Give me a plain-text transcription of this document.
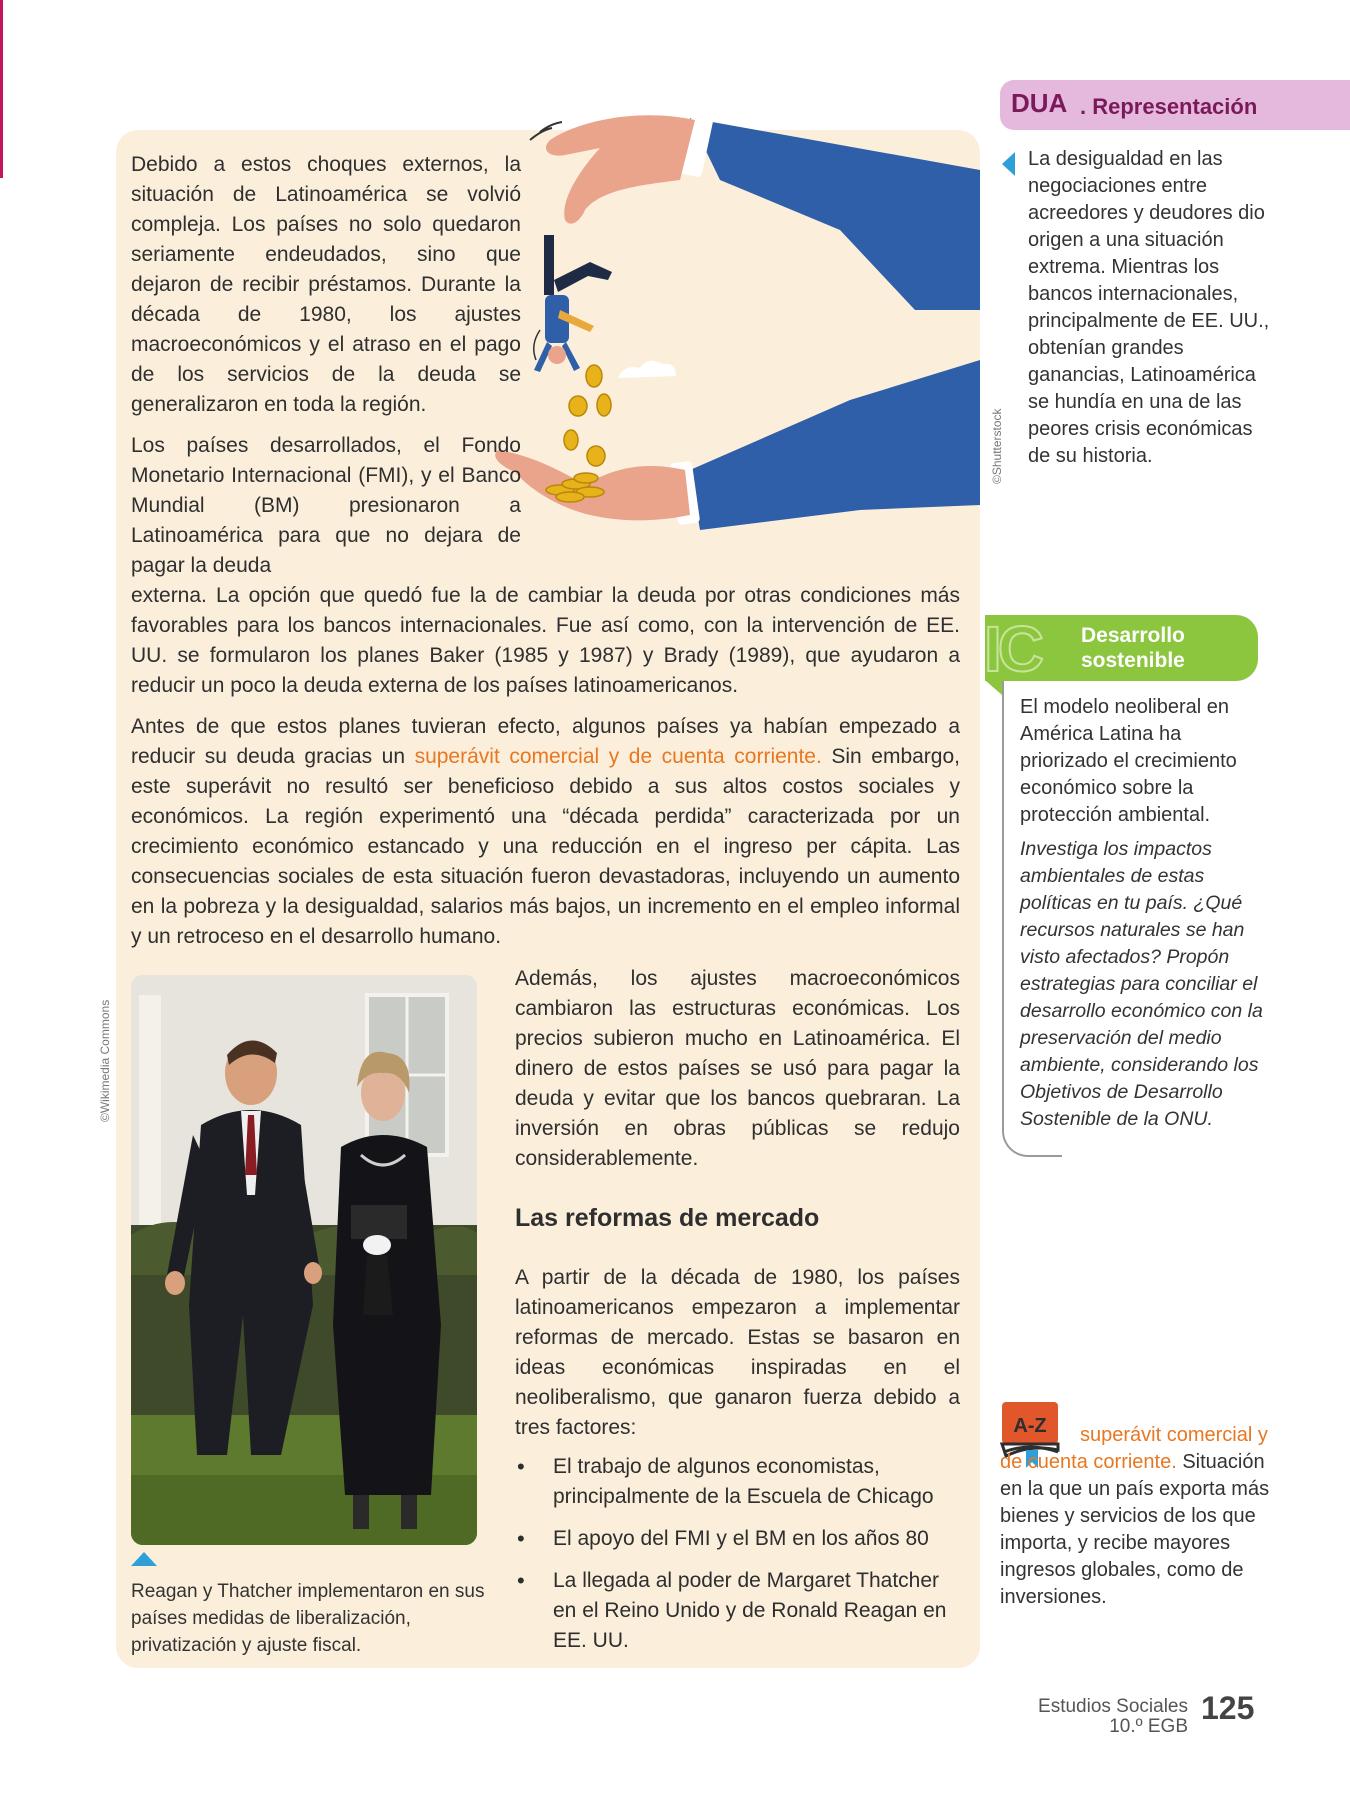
©Shutterstock

Debido a estos choques externos, la situación de Latinoamérica se volvió compleja. Los países no solo quedaron seriamente endeudados, sino que dejaron de recibir préstamos. Durante la década de 1980, los ajustes macroeconómicos y el atraso en el pago de los servicios de la deuda se generalizaron en toda la región.

Los países desarrollados, el Fondo Monetario Internacional (FMI), y el Banco Mundial (BM) presionaron a Latinoamérica para que no dejara de pagar la deuda

externa. La opción que quedó fue la de cambiar la deuda por otras condiciones más favorables para los bancos internacionales. Fue así como, con la intervención de EE. UU. se formularon los planes Baker (1985 y 1987) y Brady (1989), que ayudaron a reducir un poco la deuda externa de los países latinoamericanos.

Antes de que estos planes tuvieran efecto, algunos países ya habían empezado a reducir su deuda gracias un superávit comercial y de cuenta corriente. Sin embargo, este superávit no resultó ser beneficioso debido a sus altos costos sociales y económicos. La región experimentó una “década perdida” caracterizada por un crecimiento económico estancado y una reducción en el ingreso per cápita. Las consecuencias sociales de esta situación fueron devastadoras, incluyendo un aumento en la pobreza y la desigualdad, salarios más bajos, un incremento en el empleo informal y un retroceso en el desarrollo humano.

©Wikimedia Commons

Reagan y Thatcher implementaron en sus países medidas de liberalización, privatización y ajuste fiscal.

Además, los ajustes macroeconómicos cambiaron las estructuras económicas. Los precios subieron mucho en Latinoamérica. El dinero de estos países se usó para pagar la deuda y evitar que los bancos quebraran. La inversión en obras públicas se redujo considerablemente.

Las reformas de mercado

A partir de la década de 1980, los países latinoamericanos empezaron a implementar reformas de mercado. Estas se basaron en ideas económicas inspiradas en el neoliberalismo, que ganaron fuerza debido a tres factores:

• El trabajo de algunos economistas, principalmente de la Escuela de Chicago
• El apoyo del FMI y el BM en los años 80
• La llegada al poder de Margaret Thatcher en el Reino Unido y de Ronald Reagan en EE. UU.
DUA . Representación

La desigualdad en las negociaciones entre acreedores y deudores dio origen a una situación extrema. Mientras los bancos internacionales, principalmente de EE. UU., obtenían grandes ganancias, Latinoamérica se hundía en una de las peores crisis económicas de su historia.

IC Desarrollo sostenible

El modelo neoliberal en América Latina ha priorizado el crecimiento económico sobre la protección ambiental.

Investiga los impactos ambientales de estas políticas en tu país. ¿Qué recursos naturales se han visto afectados? Propón estrategias para conciliar el desarrollo económico con la preservación del medio ambiente, considerando los Objetivos de Desarrollo Sostenible de la ONU.

A-Z	superávit comercial y de cuenta corriente. Situación en la que un país exporta más bienes y servicios de los que importa, y recibe mayores ingresos globales, como de inversiones.

Estudios Sociales
10.º EGB
125
